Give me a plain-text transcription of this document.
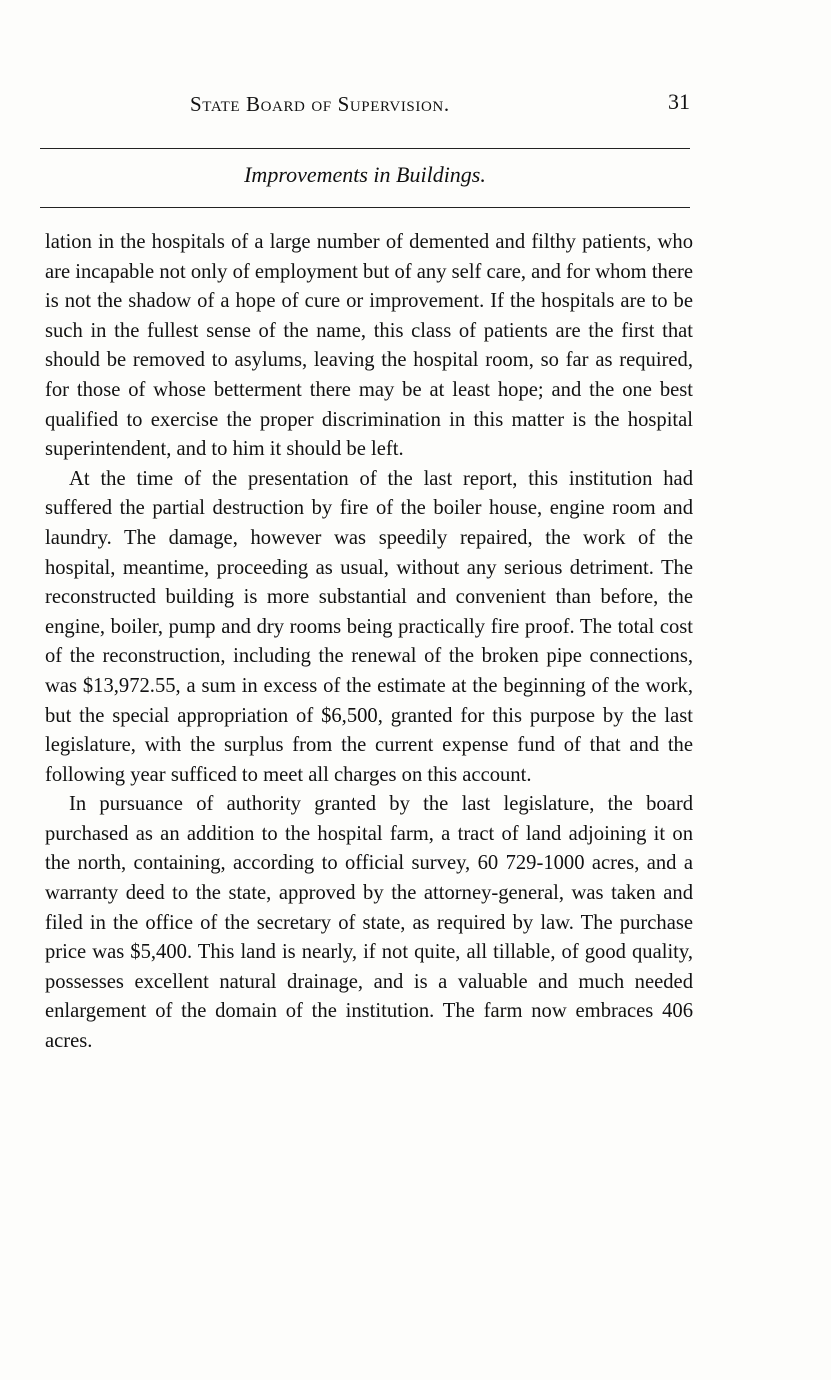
State Board of Supervision.	31
Improvements in Buildings.

lation in the hospitals of a large number of demented and filthy patients, who are incapable not only of employment but of any self care, and for whom there is not the shadow of a hope of cure or improvement. If the hospitals are to be such in the fullest sense of the name, this class of patients are the first that should be removed to asylums, leaving the hospital room, so far as required, for those of whose betterment there may be at least hope; and the one best qualified to exercise the proper discrimination in this matter is the hospital superintendent, and to him it should be left.

At the time of the presentation of the last report, this institution had suffered the partial destruction by fire of the boiler house, engine room and laundry. The damage, however was speedily repaired, the work of the hospital, meantime, proceeding as usual, without any serious detriment. The reconstructed building is more substantial and convenient than before, the engine, boiler, pump and dry rooms being practically fire proof. The total cost of the reconstruction, including the renewal of the broken pipe connections, was $13,972.55, a sum in excess of the estimate at the beginning of the work, but the special appropriation of $6,500, granted for this purpose by the last legislature, with the surplus from the current expense fund of that and the following year sufficed to meet all charges on this account.

In pursuance of authority granted by the last legislature, the board purchased as an addition to the hospital farm, a tract of land adjoining it on the north, containing, according to official survey, 60 729-1000 acres, and a warranty deed to the state, approved by the attorney-general, was taken and filed in the office of the secretary of state, as required by law. The purchase price was $5,400. This land is nearly, if not quite, all tillable, of good quality, possesses excellent natural drainage, and is a valuable and much needed enlargement of the domain of the institution. The farm now embraces 406 acres.
